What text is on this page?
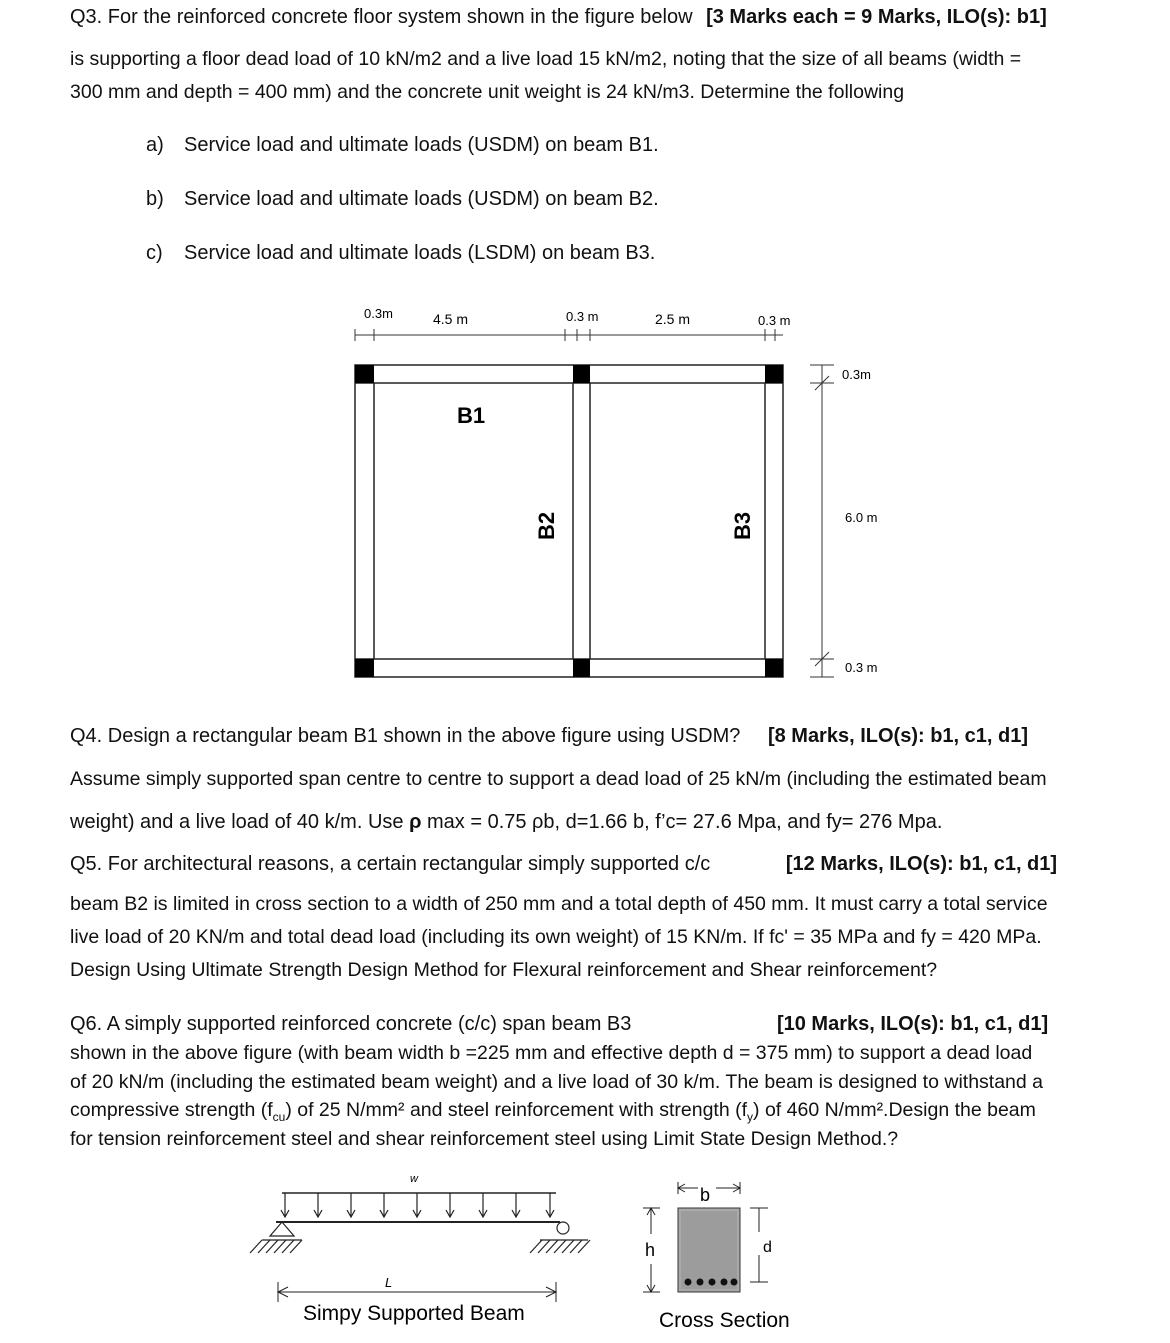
Q3. For the reinforced concrete floor system shown in the figure below [3 Marks each = 9 Marks, ILO(s): b1]
is supporting a floor dead load of 10 kN/m2 and a live load 15 kN/m2, noting that the size of all beams (width =
300 mm and depth = 400 mm) and the concrete unit weight is 24 kN/m3. Determine the following
a) Service load and ultimate loads (USDM) on beam B1.
b) Service load and ultimate loads (USDM) on beam B2.
c) Service load and ultimate loads (LSDM) on beam B3.
0.3m	4.5 m	0.3 m	2.5 m	0.3 m
0.3m
6.0 m
0.3 m
B1
B2	B3
Q4. Design a rectangular beam B1 shown in the above figure using USDM? [8 Marks, ILO(s): b1, c1, d1]
Assume simply supported span centre to centre to support a dead load of 25 kN/m (including the estimated beam
weight) and a live load of 40 k/m. Use ρ max = 0.75 ρb, d=1.66 b, f’c= 27.6 Mpa, and fy= 276 Mpa.
Q5. For architectural reasons, a certain rectangular simply supported c/c	[12 Marks, ILO(s): b1, c1, d1]
beam B2 is limited in cross section to a width of 250 mm and a total depth of 450 mm. It must carry a total service
live load of 20 KN/m and total dead load (including its own weight) of 15 KN/m. If fc' = 35 MPa and fy = 420 MPa.
Design Using Ultimate Strength Design Method for Flexural reinforcement and Shear reinforcement?
Q6. A simply supported reinforced concrete (c/c) span beam B3	[10 Marks, ILO(s): b1, c1, d1]
shown in the above figure (with beam width b =225 mm and effective depth d = 375 mm) to support a dead load
of 20 kN/m (including the estimated beam weight) and a live load of 30 k/m. The beam is designed to withstand a
compressive strength $(f_{cu})$ of 25 N/mm² and steel reinforcement with strength $(f_y)$ of 460 N/mm².Design the beam
for tension reinforcement steel and shear reinforcement steel using Limit State Design Method.?
w
L
Simpy Supported Beam
b
h	d
Cross Section
